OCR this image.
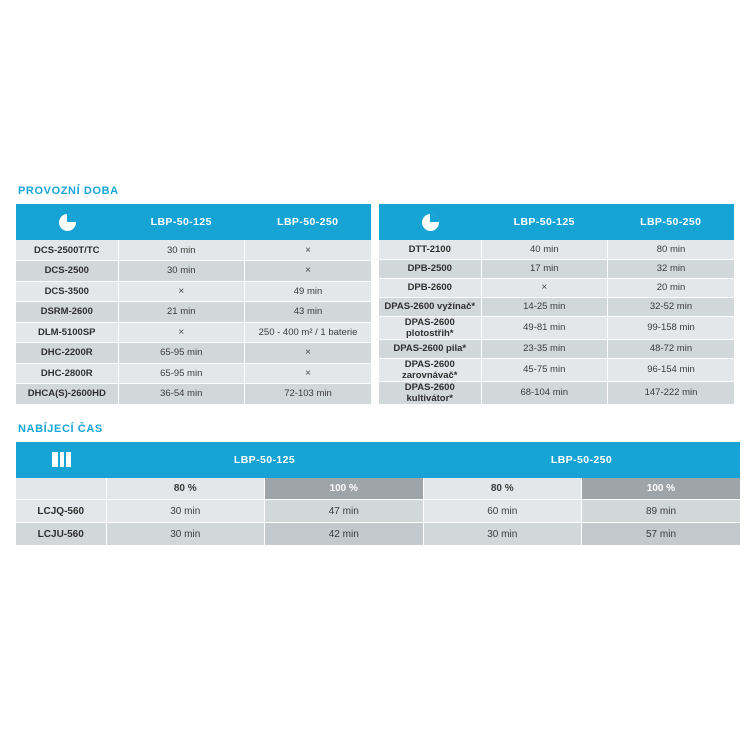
PROVOZNÍ DOBA
	LBP-50-125	LBP-50-250
DCS-2500T/TC	30 min	×
DCS-2500	30 min	×
DCS-3500	×	49 min
DSRM-2600	21 min	43 min
DLM-5100SP	×	250 - 400 m² / 1 baterie
DHC-2200R	65-95 min	×
DHC-2800R	65-95 min	×
DHCA(S)-2600HD	36-54 min	72-103 min
	LBP-50-125	LBP-50-250
DTT-2100	40 min	80 min
DPB-2500	17 min	32 min
DPB-2600	×	20 min
DPAS-2600 vyžínač*	14-25 min	32-52 min
DPAS-2600 plotostřih*	49-81 min	99-158 min
DPAS-2600 pila*	23-35 min	48-72 min
DPAS-2600 zarovnávač*	45-75 min	96-154 min
DPAS-2600 kultivátor*	68-104 min	147-222 min
NABÍJECÍ ČAS
	LBP-50-125		LBP-50-250	
	80 %	100 %	80 %	100 %
LCJQ-560	30 min	47 min	60 min	89 min
LCJU-560	30 min	42 min	30 min	57 min
